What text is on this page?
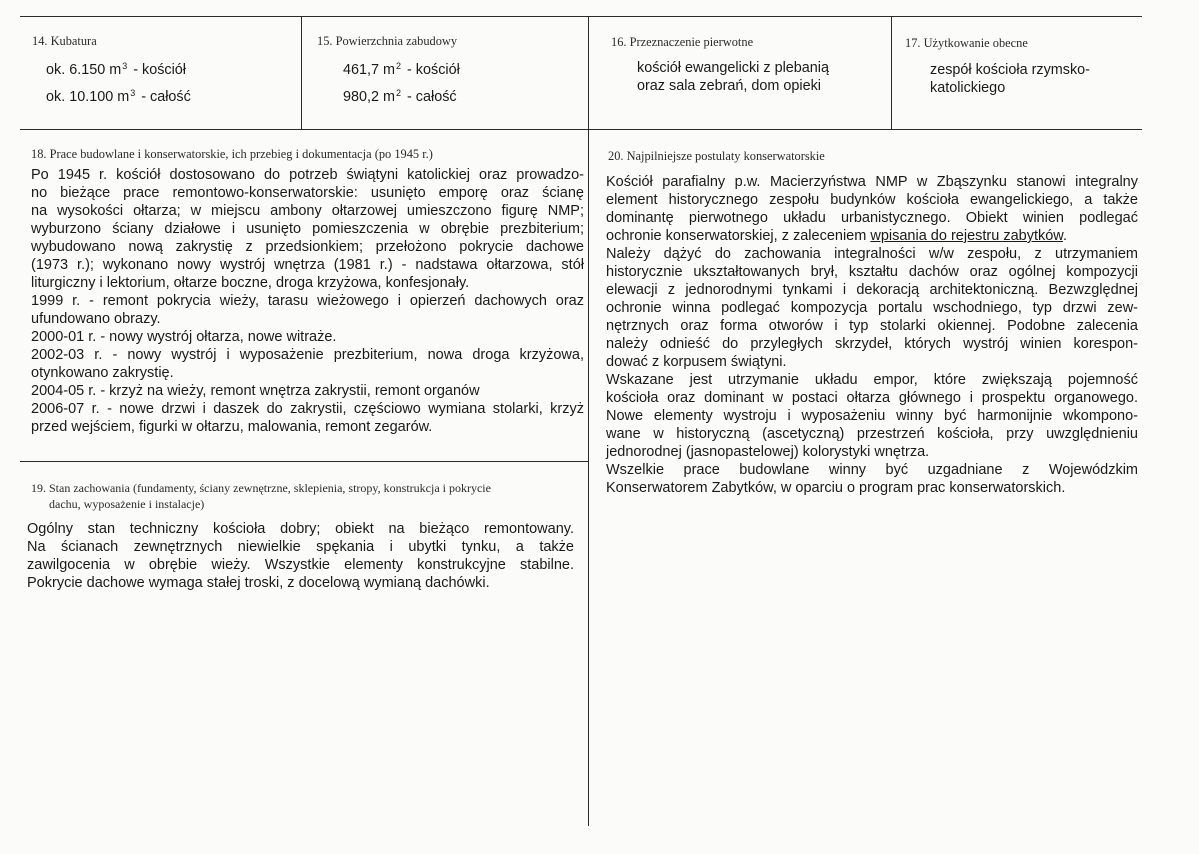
14. Kubatura
ok. 6.150 $m^3$ - kościół
ok. 10.100 $m^3$ - całość
15. Powierzchnia zabudowy
461,7 $m^2$ - kościół
980,2 $m^2$ - całość
16. Przeznaczenie pierwotne
kościół ewangelicki z plebanią
oraz sala zebrań, dom opieki
17. Użytkowanie obecne
zespół kościoła rzymsko-
katolickiego
18. Prace budowlane i konserwatorskie, ich przebieg i dokumentacja (po 1945 r.)
Po 1945 r. kościół dostosowano do potrzeb świątyni katolickiej oraz prowadzo-
no bieżące prace remontowo-konserwatorskie: usunięto emporę oraz ścianę
na wysokości ołtarza; w miejscu ambony ołtarzowej umieszczono figurę NMP;
wyburzono ściany działowe i usunięto pomieszczenia w obrębie prezbiterium;
wybudowano nową zakrystię z przedsionkiem; przełożono pokrycie dachowe
(1973 r.); wykonano nowy wystrój wnętrza (1981 r.) - nadstawa ołtarzowa, stół
liturgiczny i lektorium, ołtarze boczne, droga krzyżowa, konfesjonały.
1999 r. - remont pokrycia wieży, tarasu wieżowego i opierzeń dachowych oraz
ufundowano obrazy.
2000-01 r. - nowy wystrój ołtarza, nowe witraże.
2002-03 r. - nowy wystrój i wyposażenie prezbiterium, nowa droga krzyżowa,
otynkowano zakrystię.
2004-05 r. - krzyż na wieży, remont wnętrza zakrystii, remont organów
2006-07 r. - nowe drzwi i daszek do zakrystii, częściowo wymiana stolarki, krzyż
przed wejściem, figurki w ołtarzu, malowania, remont zegarów.
19. Stan zachowania (fundamenty, ściany zewnętrzne, sklepienia, stropy, konstrukcja i pokrycie
dachu, wyposażenie i instalacje)
Ogólny stan techniczny kościoła dobry; obiekt na bieżąco remontowany.
Na ścianach zewnętrznych niewielkie spękania i ubytki tynku, a także
zawilgocenia w obrębie wieży. Wszystkie elementy konstrukcyjne stabilne.
Pokrycie dachowe wymaga stałej troski, z docelową wymianą dachówki.
20. Najpilniejsze postulaty konserwatorskie
Kościół parafialny p.w. Macierzyństwa NMP w Zbąszynku stanowi integralny
element historycznego zespołu budynków kościoła ewangelickiego, a także
dominantę pierwotnego układu urbanistycznego. Obiekt winien podlegać
ochronie konserwatorskiej, z zaleceniem wpisania do rejestru zabytków.
Należy dążyć do zachowania integralności w/w zespołu, z utrzymaniem
historycznie ukształtowanych brył, kształtu dachów oraz ogólnej kompozycji
elewacji z jednorodnymi tynkami i dekoracją architektoniczną. Bezwzględnej
ochronie winna podlegać kompozycja portalu wschodniego, typ drzwi zew-
nętrznych oraz forma otworów i typ stolarki okiennej. Podobne zalecenia
należy odnieść do przyległych skrzydeł, których wystrój winien korespon-
dować z korpusem świątyni.
Wskazane jest utrzymanie układu empor, które zwiększają pojemność
kościoła oraz dominant w postaci ołtarza głównego i prospektu organowego.
Nowe elementy wystroju i wyposażeniu winny być harmonijnie wkompono-
wane w historyczną (ascetyczną) przestrzeń kościoła, przy uwzględnieniu
jednorodnej (jasnopastelowej) kolorystyki wnętrza.
Wszelkie prace budowlane winny być uzgadniane z Wojewódzkim
Konserwatorem Zabytków, w oparciu o program prac konserwatorskich.
